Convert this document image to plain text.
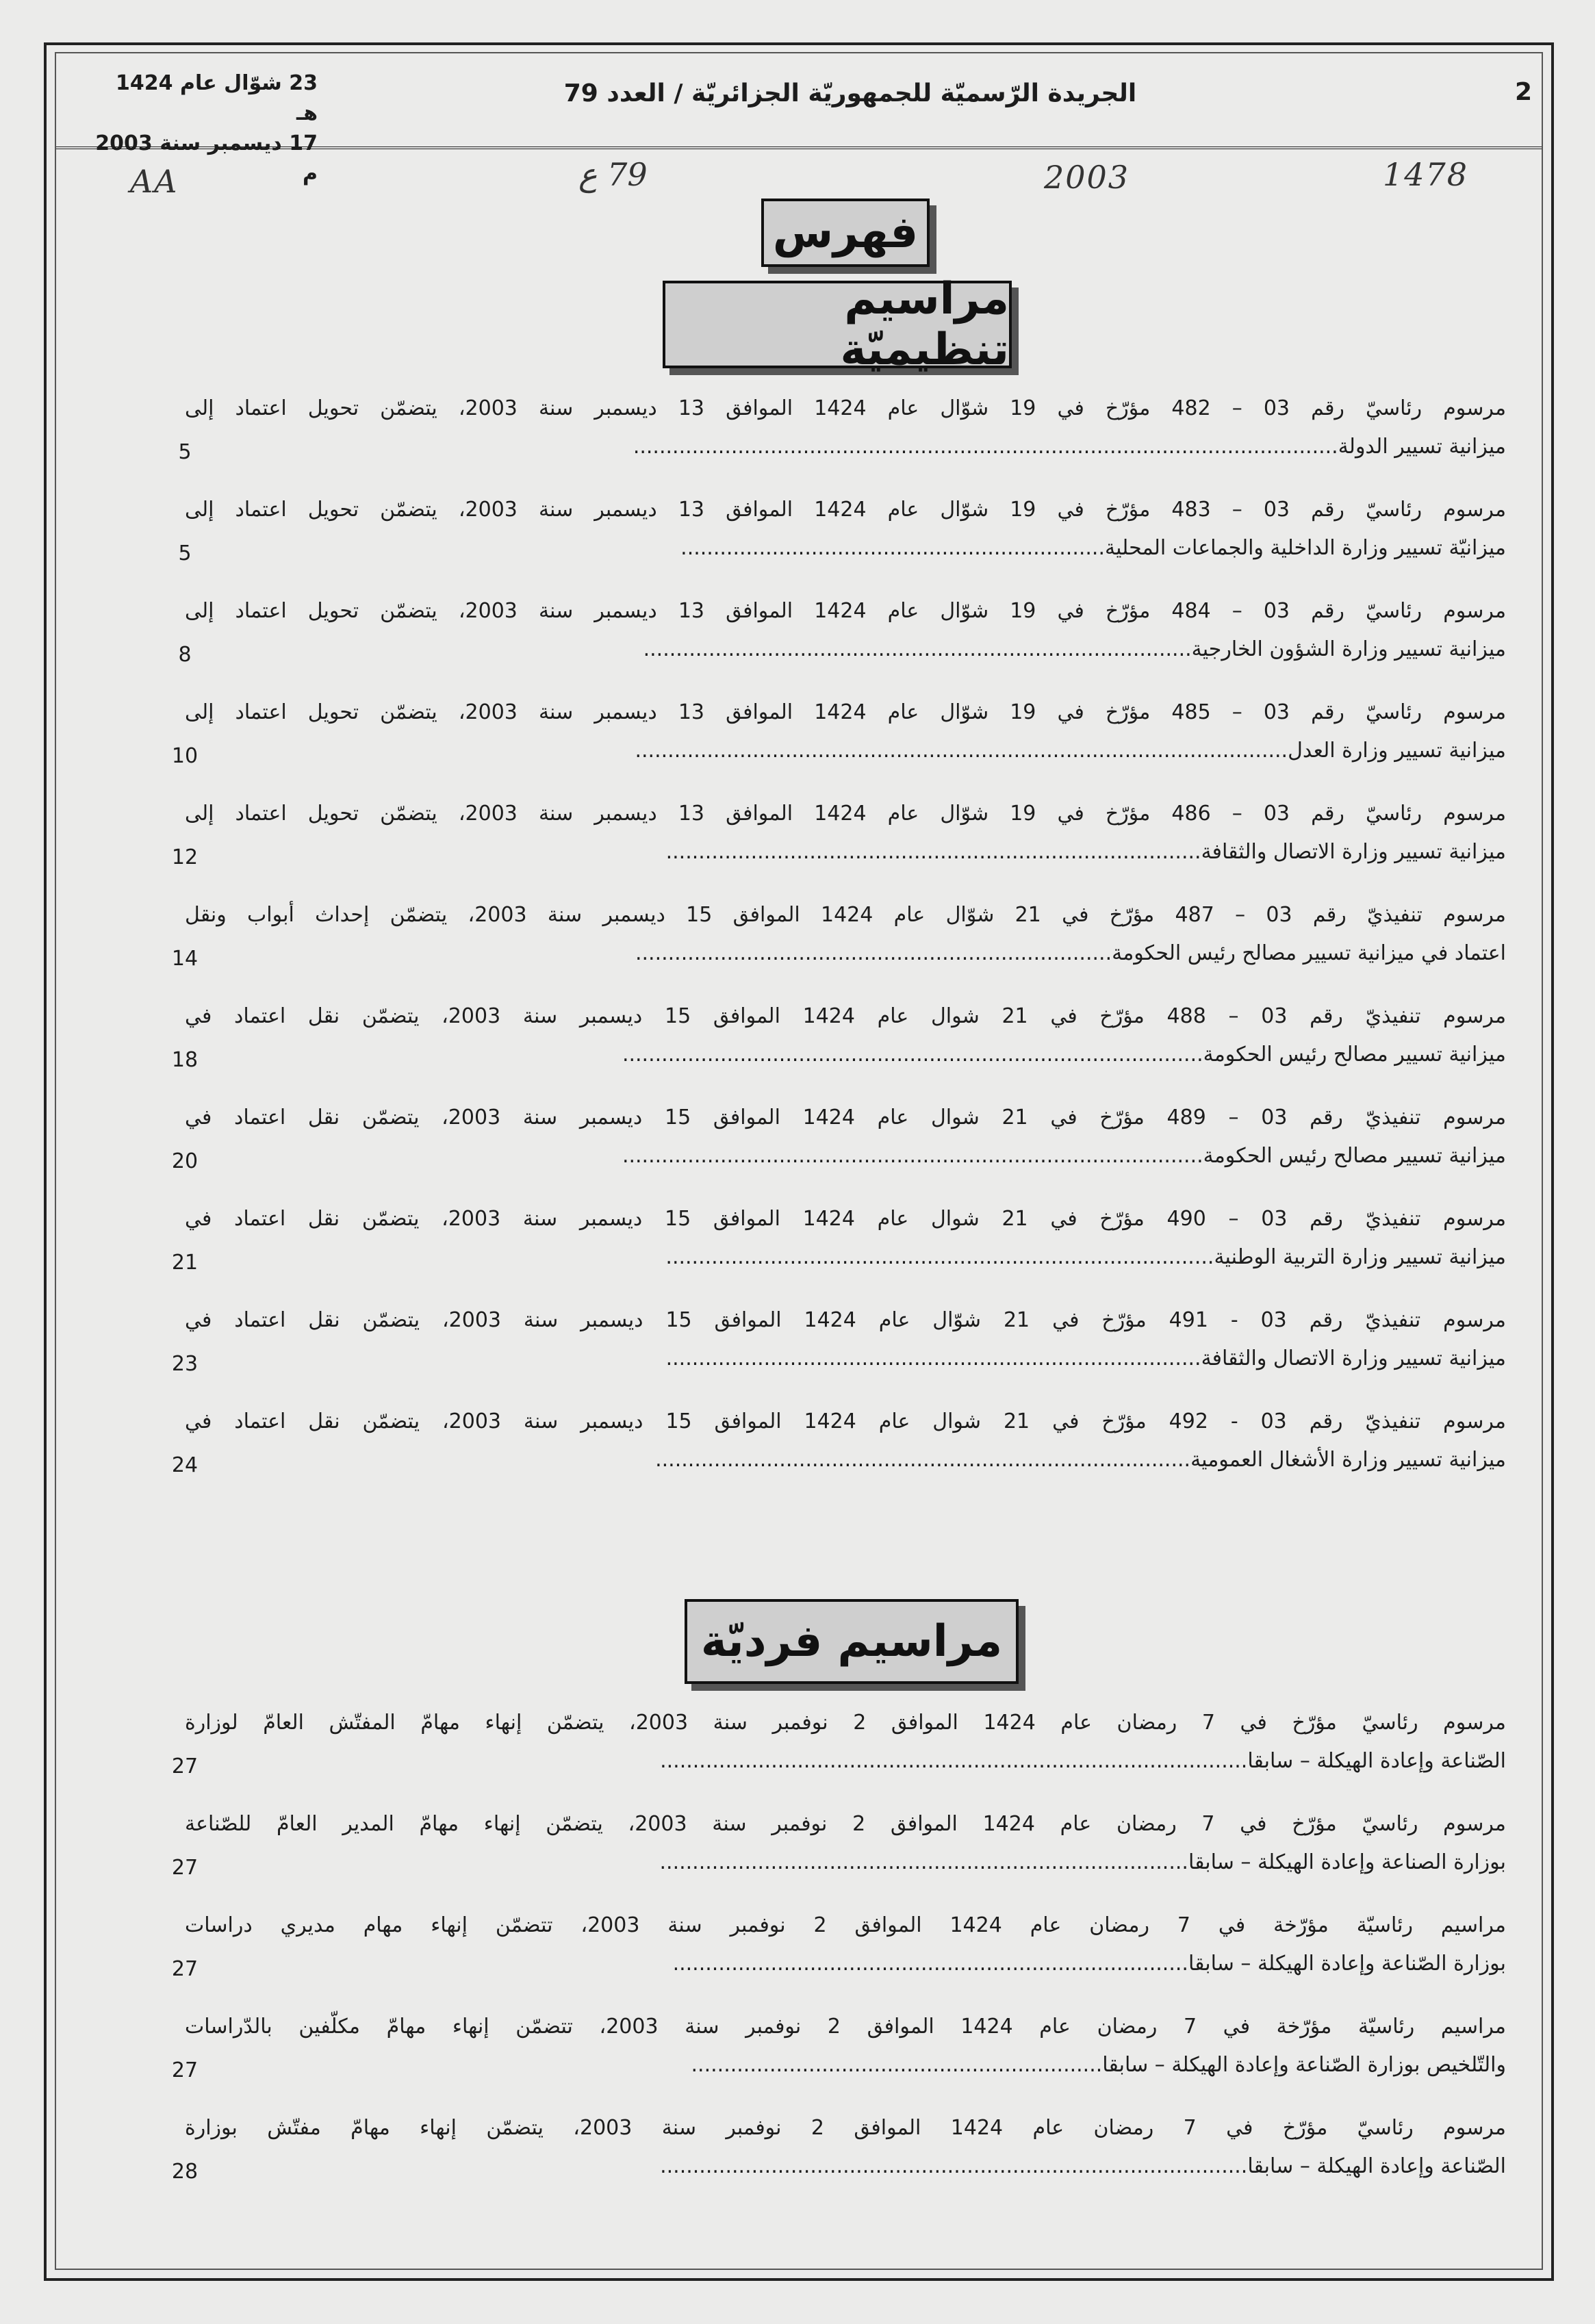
23 شوّال عام 1424 هـ
17 ديسمبر سنة 2003 م
الجريدة الرّسميّة للجمهوريّة الجزائريّة / العدد 79	2
AA	79 ع	2003	1478
فهرس
مراسيم تنظيميّة
مرسوم رئاسيّ رقم 03 – 482 مؤرّخ في 19 شوّال عام 1424 الموافق 13 ديسمبر سنة 2003، يتضمّن تحويل اعتماد إلى
ميزانية تسيير الدولة............................................................................................................
5
مرسوم رئاسيّ رقم 03 – 483 مؤرّخ في 19 شوّال عام 1424 الموافق 13 ديسمبر سنة 2003، يتضمّن تحويل اعتماد إلى
ميزانيّة تسيير وزارة الداخلية والجماعات المحلية.................................................................
5
مرسوم رئاسيّ رقم 03 – 484 مؤرّخ في 19 شوّال عام 1424 الموافق 13 ديسمبر سنة 2003، يتضمّن تحويل اعتماد إلى
ميزانية تسيير وزارة الشؤون الخارجية....................................................................................
8
مرسوم رئاسيّ رقم 03 – 485 مؤرّخ في 19 شوّال عام 1424 الموافق 13 ديسمبر سنة 2003، يتضمّن تحويل اعتماد إلى
ميزانية تسيير وزارة العدل....................................................................................................
10
مرسوم رئاسيّ رقم 03 – 486 مؤرّخ في 19 شوّال عام 1424 الموافق 13 ديسمبر سنة 2003، يتضمّن تحويل اعتماد إلى
ميزانية تسيير وزارة الاتصال والثقافة..................................................................................
12
مرسوم تنفيذيّ رقم 03 – 487 مؤرّخ في 21 شوّال عام 1424 الموافق 15 ديسمبر سنة 2003، يتضمّن إحداث أبواب ونقل
اعتماد في ميزانية تسيير مصالح رئيس الحكومة.........................................................................
14
مرسوم تنفيذيّ رقم 03 – 488 مؤرّخ في 21 شوال عام 1424 الموافق 15 ديسمبر سنة 2003، يتضمّن نقل اعتماد في
ميزانية تسيير مصالح رئيس الحكومة.........................................................................................
18
مرسوم تنفيذيّ رقم 03 – 489 مؤرّخ في 21 شوال عام 1424 الموافق 15 ديسمبر سنة 2003، يتضمّن نقل اعتماد في
ميزانية تسيير مصالح رئيس الحكومة.........................................................................................
20
مرسوم تنفيذيّ رقم 03 – 490 مؤرّخ في 21 شوال عام 1424 الموافق 15 ديسمبر سنة 2003، يتضمّن نقل اعتماد في
ميزانية تسيير وزارة التربية الوطنية....................................................................................
21
مرسوم تنفيذيّ رقم 03 - 491 مؤرّخ في 21 شوّال عام 1424 الموافق 15 ديسمبر سنة 2003، يتضمّن نقل اعتماد في
ميزانية تسيير وزارة الاتصال والثقافة..................................................................................
23
مرسوم تنفيذيّ رقم 03 - 492 مؤرّخ في 21 شوال عام 1424 الموافق 15 ديسمبر سنة 2003، يتضمّن نقل اعتماد في
ميزانية تسيير وزارة الأشغال العمومية..................................................................................
24
مراسيم فرديّة
مرسوم رئاسيّ مؤرّخ في 7 رمضان عام 1424 الموافق 2 نوفمبر سنة 2003، يتضمّن إنهاء مهامّ المفتّش العامّ لوزارة
الصّناعة وإعادة الهيكلة – سابقا..........................................................................................
27
مرسوم رئاسيّ مؤرّخ في 7 رمضان عام 1424 الموافق 2 نوفمبر سنة 2003، يتضمّن إنهاء مهامّ المدير العامّ للصّناعة
بوزارة الصناعة وإعادة الهيكلة – سابقا.................................................................................
27
مراسيم رئاسيّة مؤرّخة في 7 رمضان عام 1424 الموافق 2 نوفمبر سنة 2003، تتضمّن إنهاء مهام مديري دراسات
بوزارة الصّناعة وإعادة الهيكلة – سابقا...............................................................................
27
مراسيم رئاسيّة مؤرّخة في 7 رمضان عام 1424 الموافق 2 نوفمبر سنة 2003، تتضمّن إنهاء مهامّ مكلّفين بالدّراسات
والتّلخيص بوزارة الصّناعة وإعادة الهيكلة – سابقا...............................................................
27
مرسوم رئاسيّ مؤرّخ في 7 رمضان عام 1424 الموافق 2 نوفمبر سنة 2003، يتضمّن إنهاء مهامّ مفتّش بوزارة
الصّناعة وإعادة الهيكلة – سابقا..........................................................................................
28
